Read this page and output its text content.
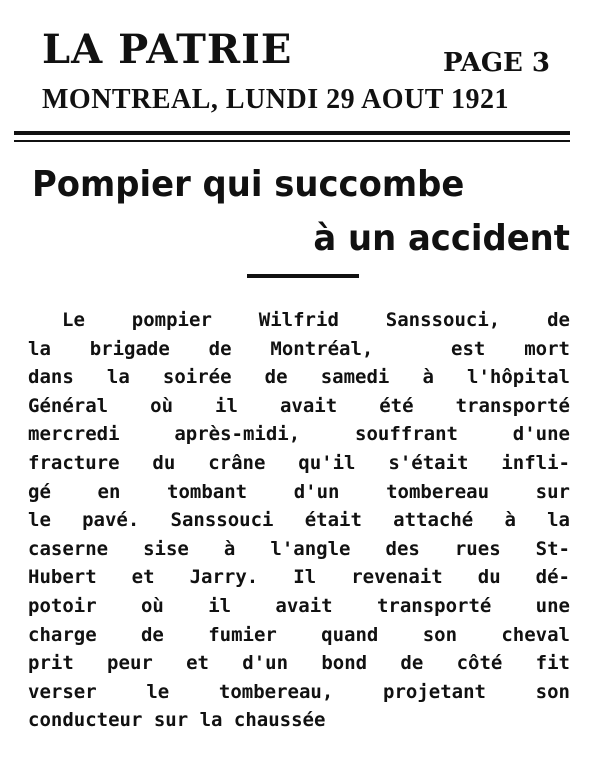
LA PATRIE	PAGE 3
MONTREAL, LUNDI 29 AOUT 1921
Pompier qui succombe
à un accident
Le pompier Wilfrid Sanssouci, de
la brigade de Montréal,  est mort
dans la soirée de samedi à l'hôpital
Général où il avait été transporté
mercredi après-midi, souffrant d'une
fracture du crâne qu'il s'était infli-
gé en tombant d'un tombereau sur
le pavé. Sanssouci était attaché à la
caserne sise à l'angle des rues St-
Hubert et Jarry. Il revenait du dé-
potoir où il avait transporté une
charge de fumier quand son cheval
prit peur et d'un bond de côté fit
verser le tombereau, projetant son
conducteur sur la chaussée
